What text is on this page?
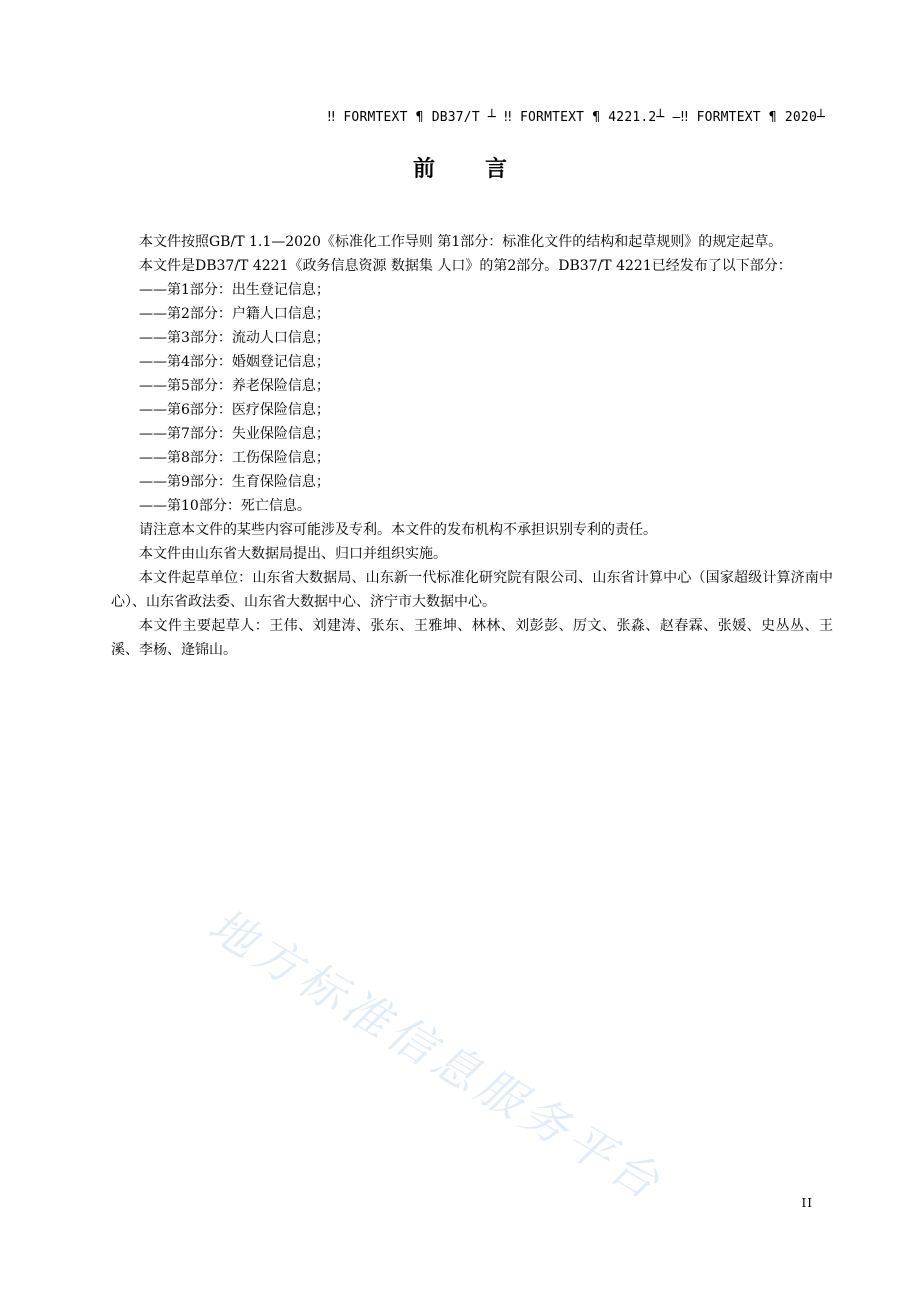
‼ FORMTEXT ¶ DB37/T ┴ ‼ FORMTEXT ¶ 4221.2┴ —‼ FORMTEXT ¶ 2020┴
前言

本文件按照GB/T 1.1—2020《标准化工作导则 第1部分：标准化文件的结构和起草规则》的规定起草。

本文件是DB37/T 4221《政务信息资源 数据集 人口》的第2部分。DB37/T 4221已经发布了以下部分：

——第1部分：出生登记信息；

——第2部分：户籍人口信息；

——第3部分：流动人口信息；

——第4部分：婚姻登记信息；

——第5部分：养老保险信息；

——第6部分：医疗保险信息；

——第7部分：失业保险信息；

——第8部分：工伤保险信息；

——第9部分：生育保险信息；

——第10部分：死亡信息。

请注意本文件的某些内容可能涉及专利。本文件的发布机构不承担识别专利的责任。

本文件由山东省大数据局提出、归口并组织实施。

本文件起草单位：山东省大数据局、山东新一代标准化研究院有限公司、山东省计算中心（国家超级计算济南中心）、山东省政法委、山东省大数据中心、济宁市大数据中心。

本文件主要起草人：王伟、刘建涛、张东、王雅坤、林林、刘彭彭、厉文、张淼、赵春霖、张媛、史丛丛、王溪、李杨、逄锦山。

地方标准信息服务平台	II
